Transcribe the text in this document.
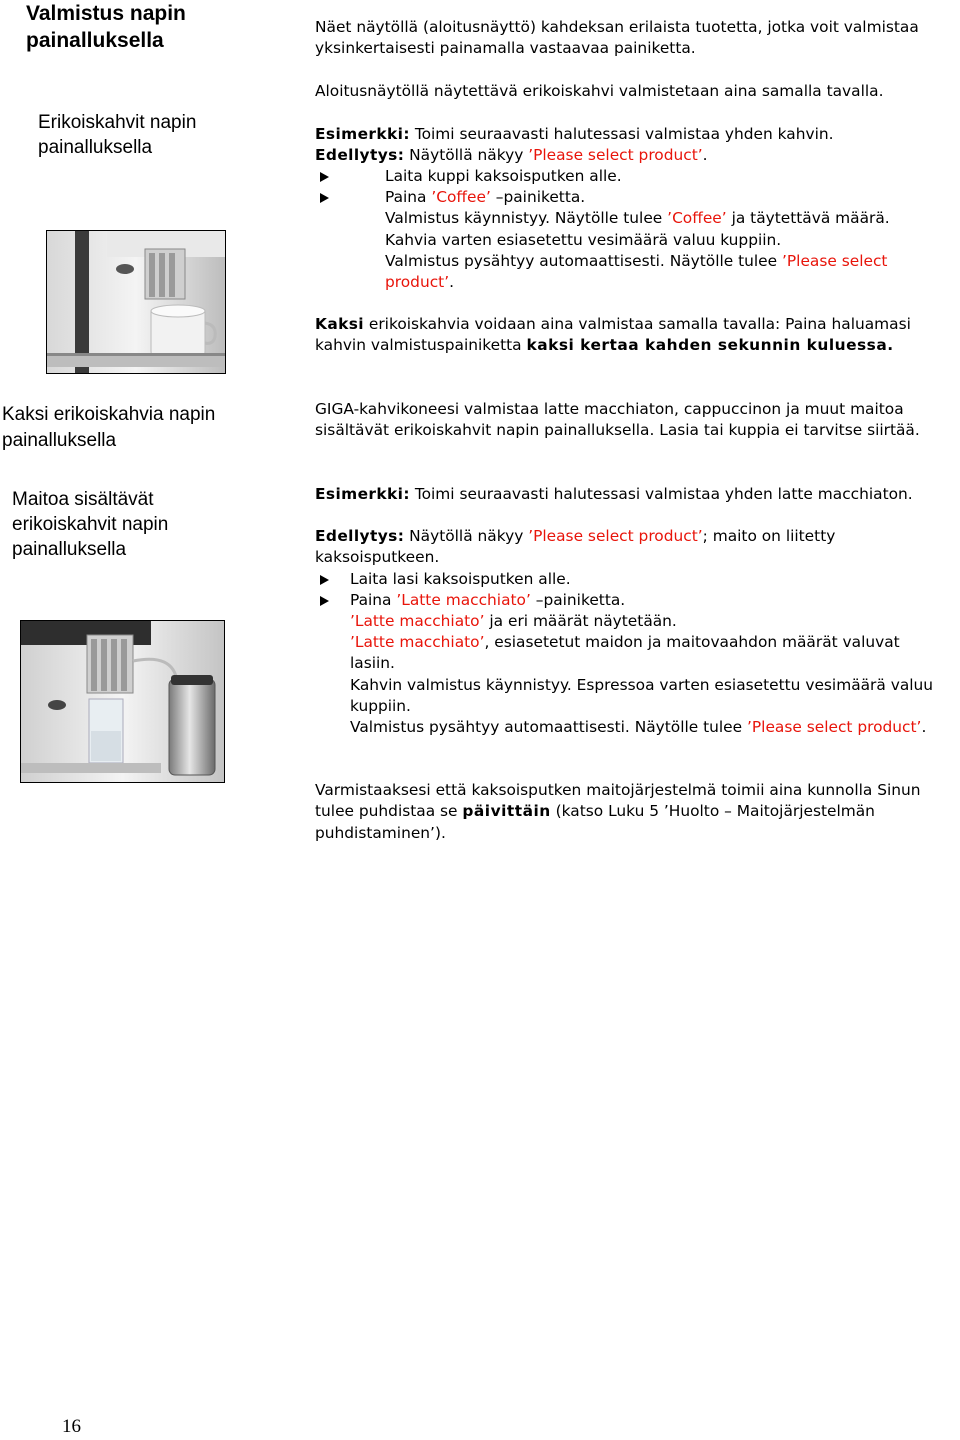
Valmistus napin painalluksella
Erikoiskahvit napin painalluksella
Kaksi erikoiskahvia napin painalluksella
Maitoa sisältävät erikoiskahvit napin painalluksella

Näet näytöllä (aloitusnäyttö) kahdeksan erilaista tuotetta, jotka voit valmistaa yksinkertaisesti painamalla vastaavaa painiketta.

Aloitusnäytöllä näytettävä erikoiskahvi valmistetaan aina samalla tavalla.

Esimerkki: Toimi seuraavasti halutessasi valmistaa yhden kahvin.
Edellytys: Näytöllä näkyy ’Please select product’.
Laita kuppi kaksoisputken alle.
Paina ’Coffee’ –painiketta.
Valmistus käynnistyy. Näytölle tulee ’Coffee’ ja täytettävä määrä.
Kahvia varten esiasetettu vesimäärä valuu kuppiin.
Valmistus pysähtyy automaattisesti. Näytölle tulee ’Please select
product’.

Kaksi erikoiskahvia voidaan aina valmistaa samalla tavalla: Paina haluamasi kahvin valmistuspainiketta kaksi kertaa kahden sekunnin kuluessa.

GIGA-kahvikoneesi valmistaa latte macchiaton, cappuccinon ja muut maitoa sisältävät erikoiskahvit napin painalluksella. Lasia tai kuppia ei tarvitse siirtää.

Esimerkki: Toimi seuraavasti halutessasi valmistaa yhden latte macchiaton.

Edellytys: Näytöllä näkyy ’Please select product’; maito on liitetty kaksoisputkeen.

Laita lasi kaksoisputken alle.
Paina ’Latte macchiato’ –painiketta.
’Latte macchiato’ ja eri määrät näytetään.

’Latte macchiato’, esiasetetut maidon ja maitovaahdon määrät valuvat lasiin.

Kahvin valmistus käynnistyy. Espressoa varten esiasetettu vesimäärä valuu kuppiin.

Valmistus pysähtyy automaattisesti. Näytölle tulee ’Please select product’.

Varmistaaksesi että kaksoisputken maitojärjestelmä toimii aina kunnolla Sinun tulee puhdistaa se päivittäin (katso Luku 5 ’Huolto – Maitojärjestelmän puhdistaminen’).

16
